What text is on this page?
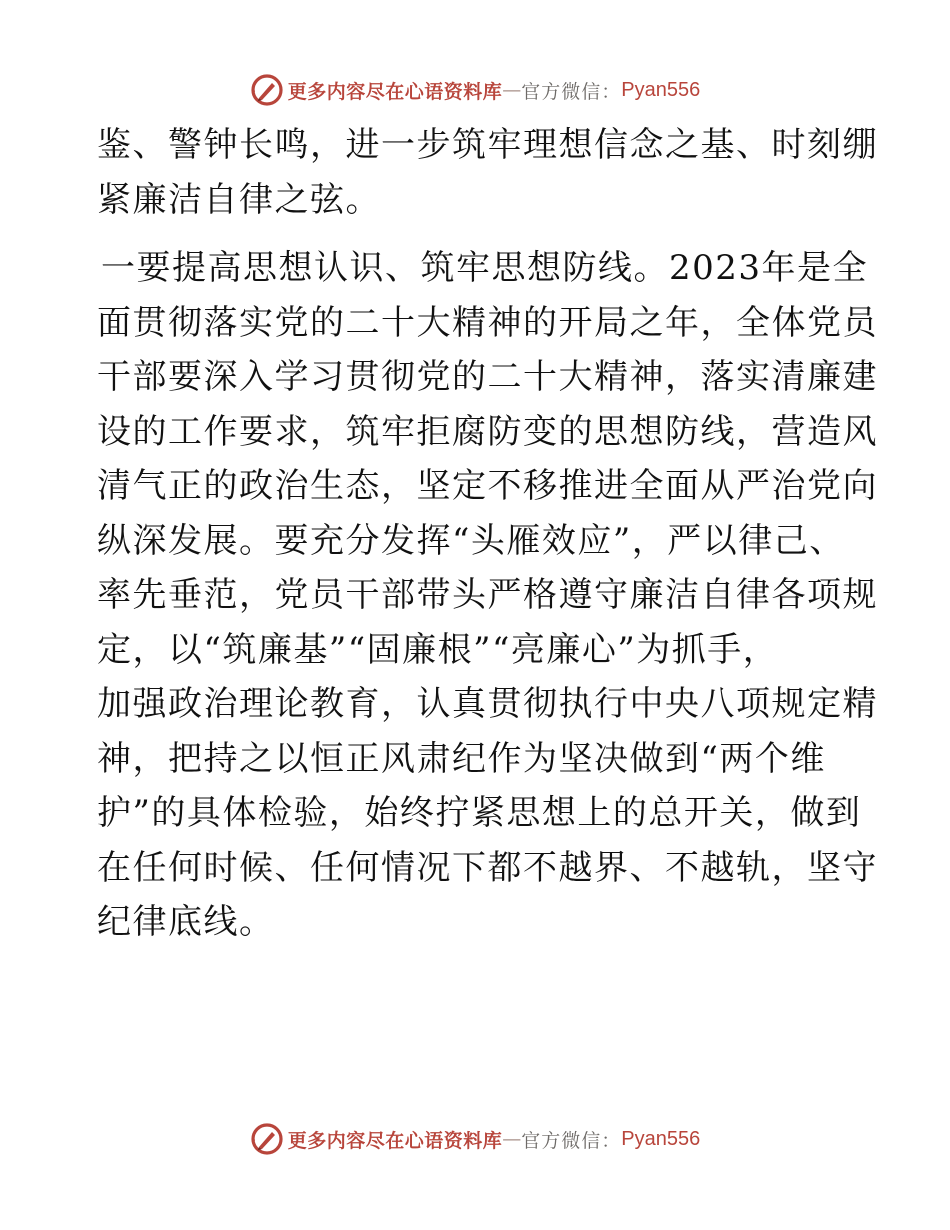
更多内容尽在心语资料库 — 官方微信： Pyan556

鉴、警钟长鸣，进一步筑牢理想信念之基、时刻绷
紧廉洁自律之弦。

一要提高思想认识、筑牢思想防线。2023年是全
面贯彻落实党的二十大精神的开局之年，全体党员
干部要深入学习贯彻党的二十大精神，落实清廉建
设的工作要求，筑牢拒腐防变的思想防线，营造风
清气正的政治生态，坚定不移推进全面从严治党向
纵深发展。要充分发挥“头雁效应”，严以律己、
率先垂范，党员干部带头严格遵守廉洁自律各项规
定，以“筑廉基”“固廉根”“亮廉心”为抓手，
加强政治理论教育，认真贯彻执行中央八项规定精
神，把持之以恒正风肃纪作为坚决做到“两个维
护”的具体检验，始终拧紧思想上的总开关，做到
在任何时候、任何情况下都不越界、不越轨，坚守
纪律底线。

更多内容尽在心语资料库 — 官方微信： Pyan556
